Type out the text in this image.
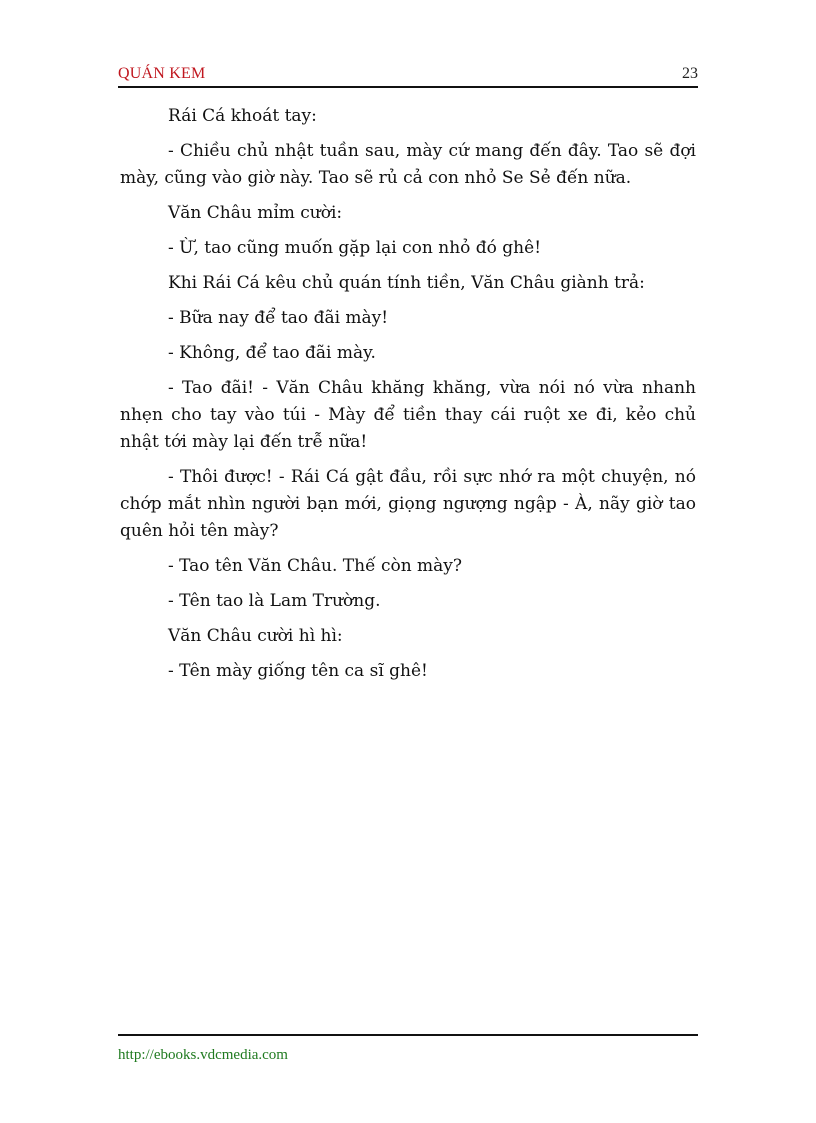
QUÁN KEM	23

Rái Cá khoát tay:

- Chiều chủ nhật tuần sau, mày cứ mang đến đây. Tao sẽ đợi mày, cũng vào giờ này. Tao sẽ rủ cả con nhỏ Se Sẻ đến nữa.

Văn Châu mỉm cười:

- Ừ, tao cũng muốn gặp lại con nhỏ đó ghê!

Khi Rái Cá kêu chủ quán tính tiền, Văn Châu giành trả:

- Bữa nay để tao đãi mày!

- Không, để tao đãi mày.

- Tao đãi! - Văn Châu khăng khăng, vừa nói nó vừa nhanh nhẹn cho tay vào túi - Mày để tiền thay cái ruột xe đi, kẻo chủ nhật tới mày lại đến trễ nữa!

- Thôi được! - Rái Cá gật đầu, rồi sực nhớ ra một chuyện, nó chớp mắt nhìn người bạn mới, giọng ngượng ngập - À, nãy giờ tao quên hỏi tên mày?

- Tao tên Văn Châu. Thế còn mày?

- Tên tao là Lam Trường.

Văn Châu cười hì hì:

- Tên mày giống tên ca sĩ ghê!

http://ebooks.vdcmedia.com
